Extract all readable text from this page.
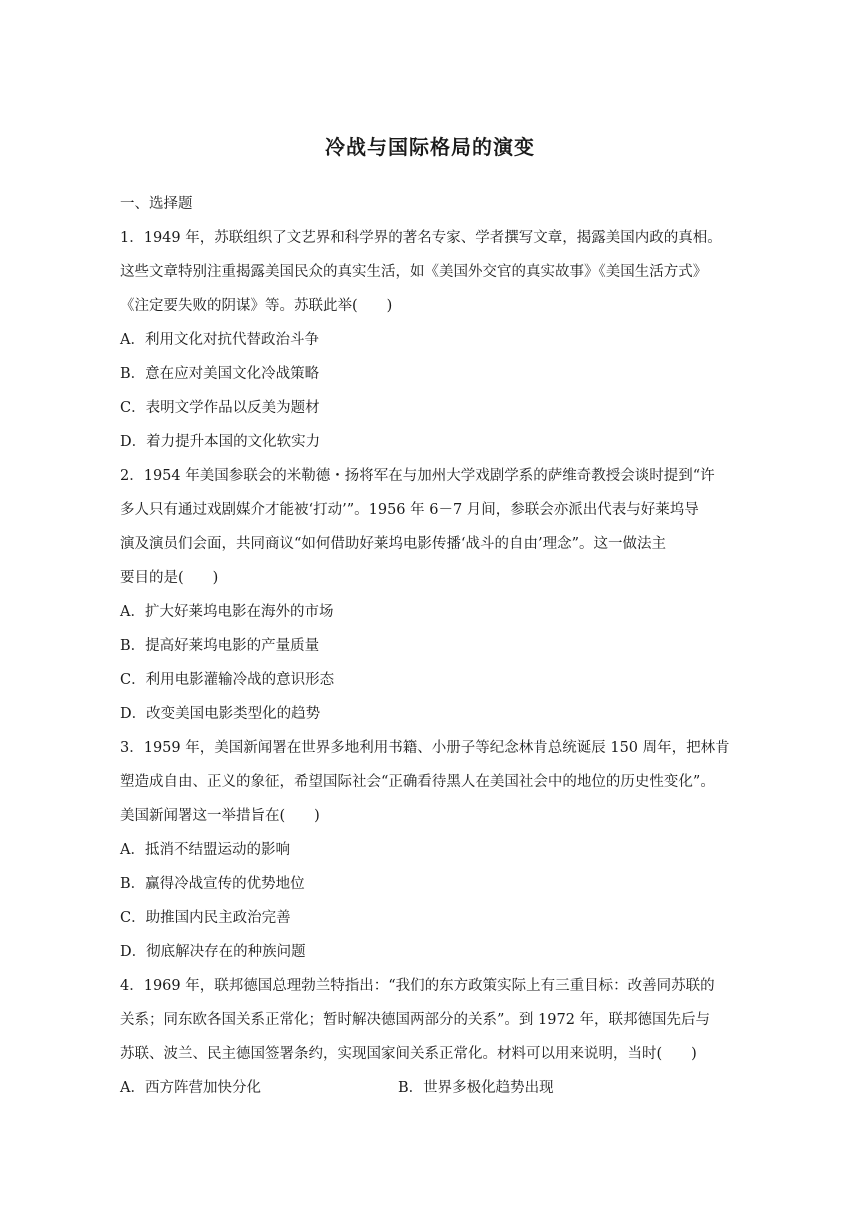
冷战与国际格局的演变
一、选择题
1．1949 年，苏联组织了文艺界和科学界的著名专家、学者撰写文章，揭露美国内政的真相。
这些文章特别注重揭露美国民众的真实生活，如《美国外交官的真实故事》《美国生活方式》
《注定要失败的阴谋》等。苏联此举(　　)
A．利用文化对抗代替政治斗争
B．意在应对美国文化冷战策略
C．表明文学作品以反美为题材
D．着力提升本国的文化软实力
2．1954 年美国参联会的米勒德・扬将军在与加州大学戏剧学系的萨维奇教授会谈时提到“许
多人只有通过戏剧媒介才能被‘打动’”。1956 年 6－7 月间，参联会亦派出代表与好莱坞导
演及演员们会面，共同商议“如何借助好莱坞电影传播‘战斗的自由’理念”。这一做法主
要目的是(　　)
A．扩大好莱坞电影在海外的市场
B．提高好莱坞电影的产量质量
C．利用电影灌输冷战的意识形态
D．改变美国电影类型化的趋势
3．1959 年，美国新闻署在世界多地利用书籍、小册子等纪念林肯总统诞辰 150 周年，把林肯
塑造成自由、正义的象征，希望国际社会“正确看待黑人在美国社会中的地位的历史性变化”。
美国新闻署这一举措旨在(　　)
A．抵消不结盟运动的影响
B．赢得冷战宣传的优势地位
C．助推国内民主政治完善
D．彻底解决存在的种族问题
4．1969 年，联邦德国总理勃兰特指出：“我们的东方政策实际上有三重目标：改善同苏联的
关系；同东欧各国关系正常化；暂时解决德国两部分的关系”。到 1972 年，联邦德国先后与
苏联、波兰、民主德国签署条约，实现国家间关系正常化。材料可以用来说明，当时(　　)
A．西方阵营加快分化	B．世界多极化趋势出现
